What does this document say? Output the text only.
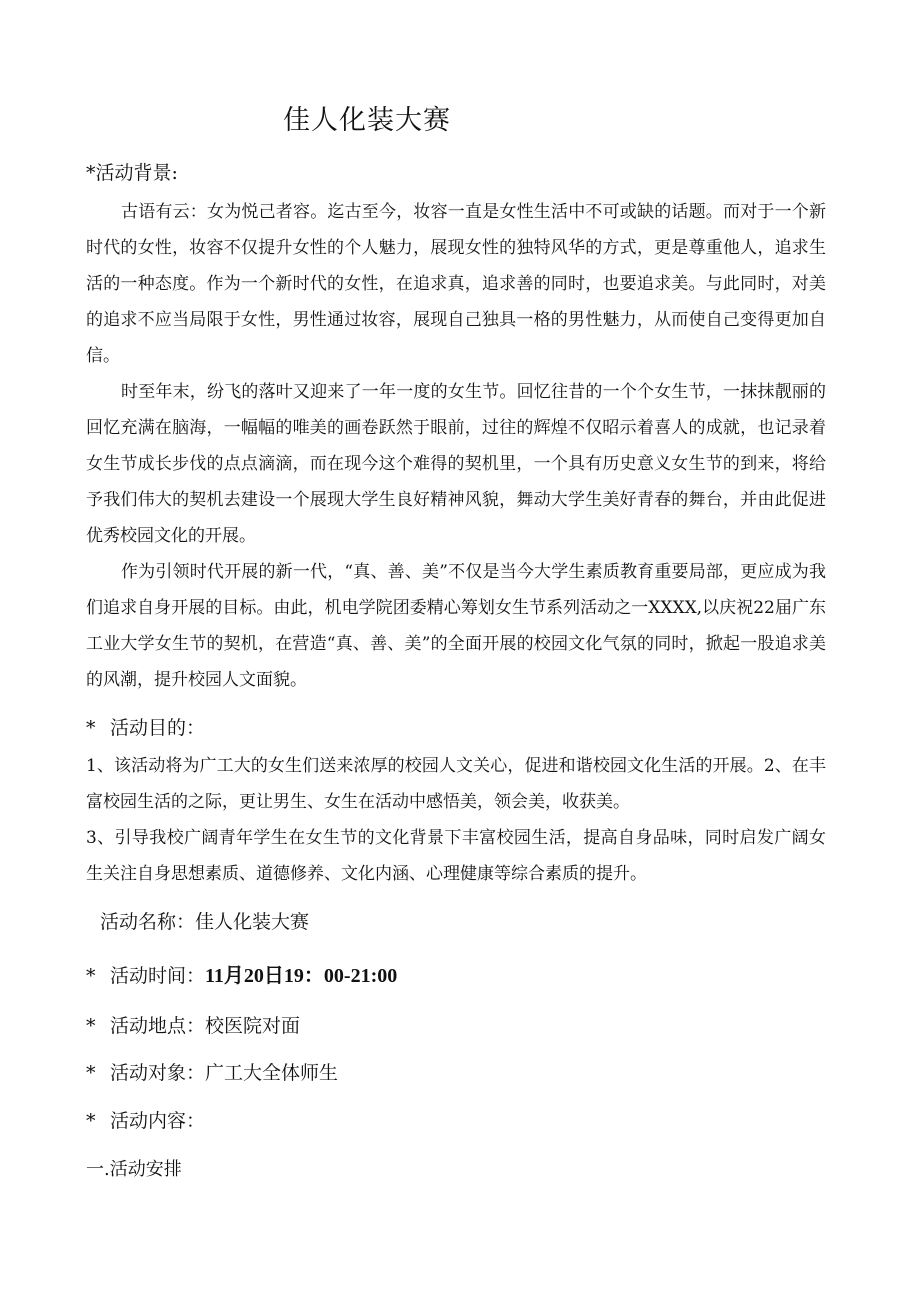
佳人化装大赛
*活动背景:

古语有云：女为悦己者容。迄古至今，妆容一直是女性生活中不可或缺的话题。而对于一个新时代的女性，妆容不仅提升女性的个人魅力，展现女性的独特风华的方式，更是尊重他人，追求生活的一种态度。作为一个新时代的女性，在追求真，追求善的同时，也要追求美。与此同时，对美的追求不应当局限于女性，男性通过妆容，展现自己独具一格的男性魅力，从而使自己变得更加自信。

时至年末，纷飞的落叶又迎来了一年一度的女生节。回忆往昔的一个个女生节，一抹抹靓丽的回忆充满在脑海，一幅幅的唯美的画卷跃然于眼前，过往的辉煌不仅昭示着喜人的成就，也记录着女生节成长步伐的点点滴滴，而在现今这个难得的契机里，一个具有历史意义女生节的到来，将给予我们伟大的契机去建设一个展现大学生良好精神风貌，舞动大学生美好青春的舞台，并由此促进优秀校园文化的开展。

作为引领时代开展的新一代，“真、善、美”不仅是当今大学生素质教育重要局部，更应成为我们追求自身开展的目标。由此，机电学院团委精心筹划女生节系列活动之一XXXX,以庆祝22届广东工业大学女生节的契机，在营造“真、善、美”的全面开展的校园文化气氛的同时，掀起一股追求美的风潮，提升校园人文面貌。

* 活动目的：

1、该活动将为广工大的女生们送来浓厚的校园人文关心，促进和谐校园文化生活的开展。2、在丰富校园生活的之际，更让男生、女生在活动中感悟美，领会美，收获美。

3、引导我校广阔青年学生在女生节的文化背景下丰富校园生活，提高自身品味，同时启发广阔女生关注自身思想素质、道德修养、文化内涵、心理健康等综合素质的提升。

活动名称：佳人化装大赛
* 活动时间：11月20日19：00-21:00
* 活动地点：校医院对面
* 活动对象：广工大全体师生
* 活动内容：
一.活动安排
